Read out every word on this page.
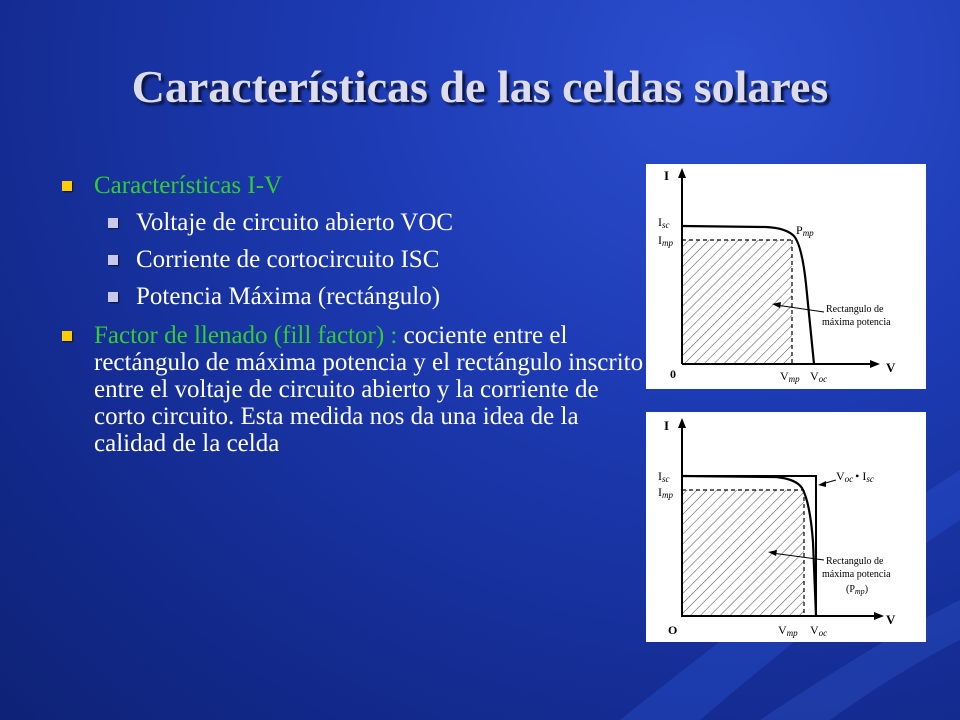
Características de las celdas solares
Características I-V
Voltaje de circuito abierto VOC
Corriente de cortocircuito ISC
Potencia Máxima (rectángulo)
Factor de llenado (fill factor) : cociente entre el rectángulo de máxima potencia y el rectángulo inscrito entre el voltaje de circuito abierto y la corriente de corto circuito. Esta medida nos da una idea de la calidad de la celda
I
V
0
Isc
Imp
Pmp
Vmp Voc
Rectangulo de
máxima potencia
I
V
O
Isc
Imp
Voc • Isc
Vmp Voc
Rectangulo de
máxima potencia
$(P_{mp})$
